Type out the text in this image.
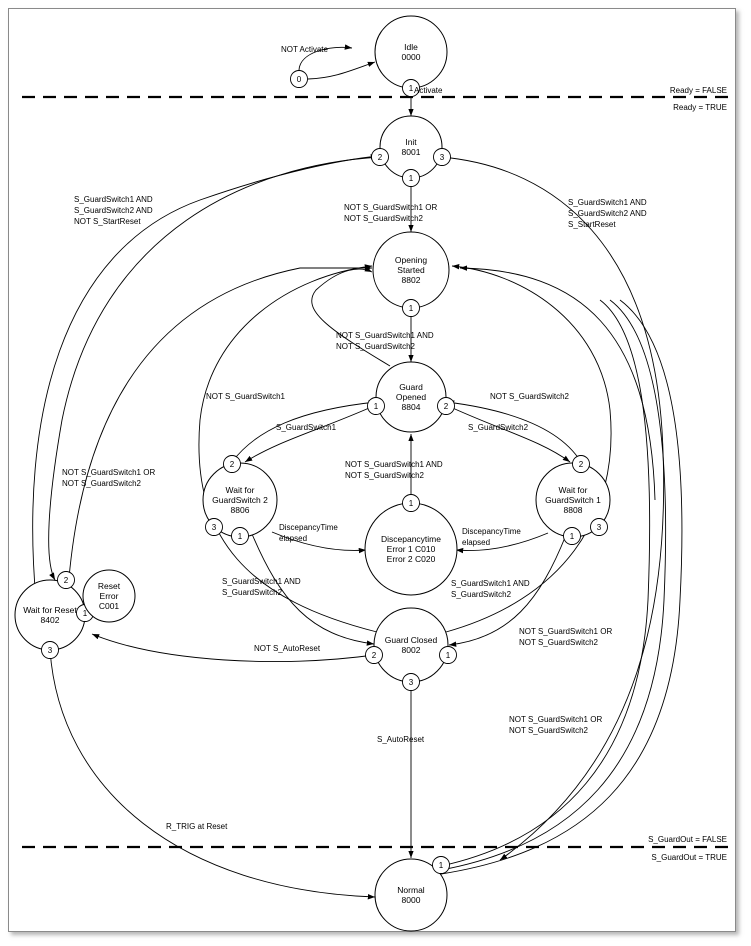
Ready = FALSE
Ready = TRUE
S_GuardOut = FALSE
S_GuardOut = TRUE
Idle
0000
1
0
Init
8001
2	3
1
Opening
Started
8802
1
Guard
Opened
8804
1	2
Wait for
GuardSwitch 2
8806
2
3
1
Wait for
GuardSwitch 1
8808
2
3
1
Discepancytime
Error 1 C010
Error 2 C020
1
Guard Closed
8002
2	1
3
Wait for Reset
8402
2
1
3
Reset
Error
C001
Normal
8000
1
NOT Activate
Activate
S_GuardSwitch1 AND
S_GuardSwitch2 AND
NOT S_StartReset
S_GuardSwitch1 AND
S_GuardSwitch2 AND
S_StartReset
NOT S_GuardSwitch1 OR
NOT S_GuardSwitch2
NOT S_GuardSwitch1 AND
NOT S_GuardSwitch2
NOT S_GuardSwitch1	NOT S_GuardSwitch2
S_GuardSwitch1	S_GuardSwitch2
NOT S_GuardSwitch1 AND
NOT S_GuardSwitch2
NOT S_GuardSwitch1 OR
NOT S_GuardSwitch2
DiscepancyTime
elapsed
DiscepancyTime
elapsed
S_GuardSwitch1 AND
S_GuardSwitch2
S_GuardSwitch1 AND
S_GuardSwitch2
NOT S_AutoReset
NOT S_GuardSwitch1 OR
NOT S_GuardSwitch2
NOT S_GuardSwitch1 OR
NOT S_GuardSwitch2
S_AutoReset
R_TRIG at Reset
